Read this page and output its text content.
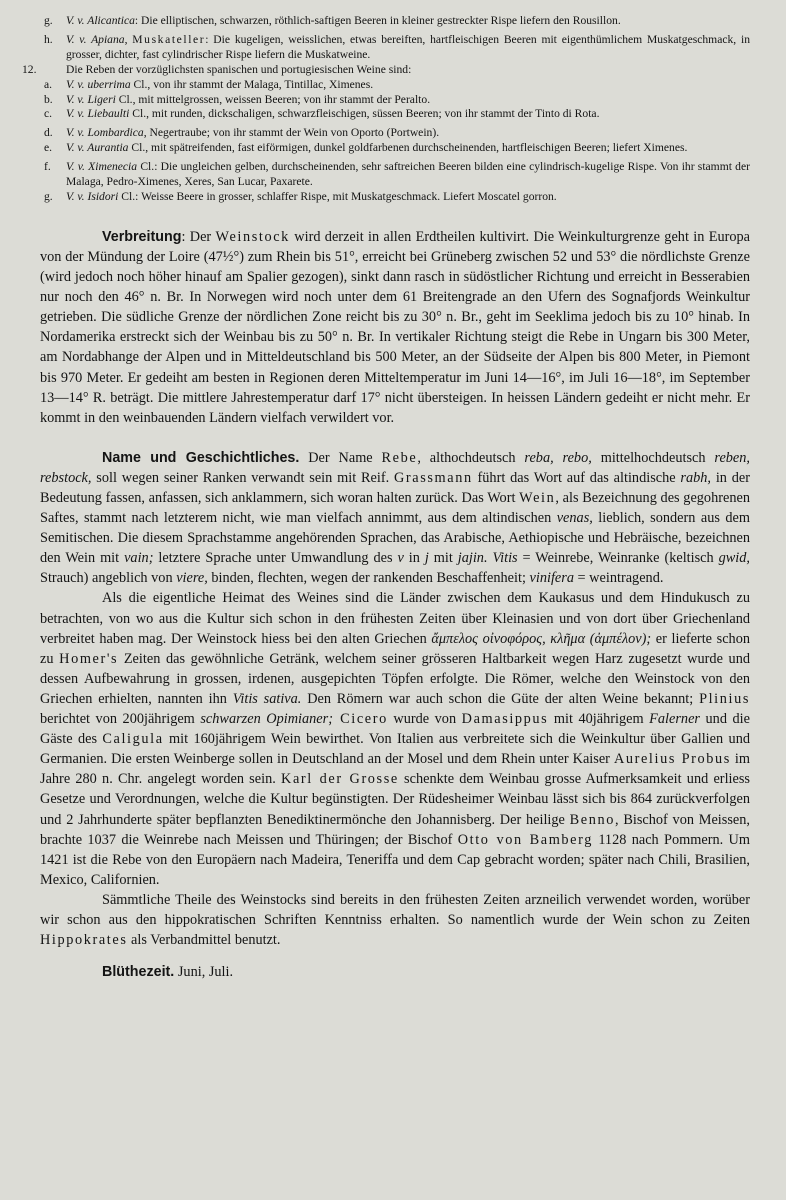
g. V. v. Alicantica: Die elliptischen, schwarzen, röthlich-saftigen Beeren in kleiner gestreckter Rispe liefern den Rousillon.
h. V. v. Apiana, Muskateller: Die kugeligen, weisslichen, etwas bereiften, hartfleischigen Beeren mit eigenthümlichem Muskatgeschmack, in grosser, dichter, fast cylindrischer Rispe liefern die Muskatweine.
12.	Die Reben der vorzüglichsten spanischen und portugiesischen Weine sind:
a. V. v. uberrima Cl., von ihr stammt der Malaga, Tintillac, Ximenes.
b. V. v. Ligeri Cl., mit mittelgrossen, weissen Beeren; von ihr stammt der Peralto.
c. V. v. Liebaulti Cl., mit runden, dickschaligen, schwarzfleischigen, süssen Beeren; von ihr stammt der Tinto di Rota.
d. V. v. Lombardica, Negertraube; von ihr stammt der Wein von Oporto (Portwein).
e. V. v. Aurantia Cl., mit spätreifenden, fast eiförmigen, dunkel goldfarbenen durchscheinenden, hartfleischigen Beeren; liefert Ximenes.
f. V. v. Ximenecia Cl.: Die ungleichen gelben, durchscheinenden, sehr saftreichen Beeren bilden eine cylindrisch-kugelige Rispe. Von ihr stammt der Malaga, Pedro-Ximenes, Xeres, San Lucar, Paxarete.
g. V. v. Isidori Cl.: Weisse Beere in grosser, schlaffer Rispe, mit Muskatgeschmack. Liefert Moscatel gorron.

Verbreitung: Der Weinstock wird derzeit in allen Erdtheilen kultivirt. Die Weinkulturgrenze geht in Europa von der Mündung der Loire (47½°) zum Rhein bis 51°, erreicht bei Grüneberg zwischen 52 und 53° die nördlichste Grenze (wird jedoch noch höher hinauf am Spalier gezogen), sinkt dann rasch in südöstlicher Richtung und erreicht in Besserabien nur noch den 46° n. Br. In Norwegen wird noch unter dem 61 Breitengrade an den Ufern des Sognafjords Weinkultur getrieben. Die südliche Grenze der nördlichen Zone reicht bis zu 30° n. Br., geht im Seeklima jedoch bis zu 10° hinab. In Nordamerika erstreckt sich der Weinbau bis zu 50° n. Br. In vertikaler Richtung steigt die Rebe in Ungarn bis 300 Meter, am Nordabhange der Alpen und in Mitteldeutschland bis 500 Meter, an der Südseite der Alpen bis 800 Meter, in Piemont bis 970 Meter. Er gedeiht am besten in Regionen deren Mitteltemperatur im Juni 14—16°, im Juli 16—18°, im September 13—14° R. beträgt. Die mittlere Jahrestemperatur darf 17° nicht übersteigen. In heissen Ländern gedeiht er nicht mehr. Er kommt in den weinbauenden Ländern vielfach verwildert vor.

Name und Geschichtliches. Der Name Rebe, althochdeutsch reba, rebo, mittelhochdeutsch reben, rebstock, soll wegen seiner Ranken verwandt sein mit Reif. Grassmann führt das Wort auf das altindische rabh, in der Bedeutung fassen, anfassen, sich anklammern, sich woran halten zurück. Das Wort Wein, als Bezeichnung des gegohrenen Saftes, stammt nach letzterem nicht, wie man vielfach annimmt, aus dem altindischen venas, lieblich, sondern aus dem Semitischen. Die diesem Sprachstamme angehörenden Sprachen, das Arabische, Aethiopische und Hebräische, bezeichnen den Wein mit vain; letztere Sprache unter Umwandlung des v in j mit jajin. Vitis = Weinrebe, Weinranke (keltisch gwid, Strauch) angeblich von viere, binden, flechten, wegen der rankenden Beschaffenheit; vinifera = weintragend.

Als die eigentliche Heimat des Weines sind die Länder zwischen dem Kaukasus und dem Hindukusch zu betrachten, von wo aus die Kultur sich schon in den frühesten Zeiten über Kleinasien und von dort über Griechenland verbreitet haben mag. Der Weinstock hiess bei den alten Griechen ἄμπελος οἰνοφόρος, κλῆμα (ἀμπέλον); er lieferte schon zu Homer's Zeiten das gewöhnliche Getränk, welchem seiner grösseren Haltbarkeit wegen Harz zugesetzt wurde und dessen Aufbewahrung in grossen, irdenen, ausgepichten Töpfen erfolgte. Die Römer, welche den Weinstock von den Griechen erhielten, nannten ihn Vitis sativa. Den Römern war auch schon die Güte der alten Weine bekannt; Plinius berichtet von 200jährigem schwarzen Opimianer; Cicero wurde von Damasippus mit 40jährigem Falerner und die Gäste des Caligula mit 160jährigem Wein bewirthet. Von Italien aus verbreitete sich die Weinkultur über Gallien und Germanien. Die ersten Weinberge sollen in Deutschland an der Mosel und dem Rhein unter Kaiser Aurelius Probus im Jahre 280 n. Chr. angelegt worden sein. Karl der Grosse schenkte dem Weinbau grosse Aufmerksamkeit und erliess Gesetze und Verordnungen, welche die Kultur begünstigten. Der Rüdesheimer Weinbau lässt sich bis 864 zurückverfolgen und 2 Jahrhunderte später bepflanzten Benediktinermönche den Johannisberg. Der heilige Benno, Bischof von Meissen, brachte 1037 die Weinrebe nach Meissen und Thüringen; der Bischof Otto von Bamberg 1128 nach Pommern. Um 1421 ist die Rebe von den Europäern nach Madeira, Teneriffa und dem Cap gebracht worden; später nach Chili, Brasilien, Mexico, Californien.

Sämmtliche Theile des Weinstocks sind bereits in den frühesten Zeiten arzneilich verwendet worden, worüber wir schon aus den hippokratischen Schriften Kenntniss erhalten. So namentlich wurde der Wein schon zu Zeiten Hippokrates als Verbandmittel benutzt.

Blüthezeit. Juni, Juli.
